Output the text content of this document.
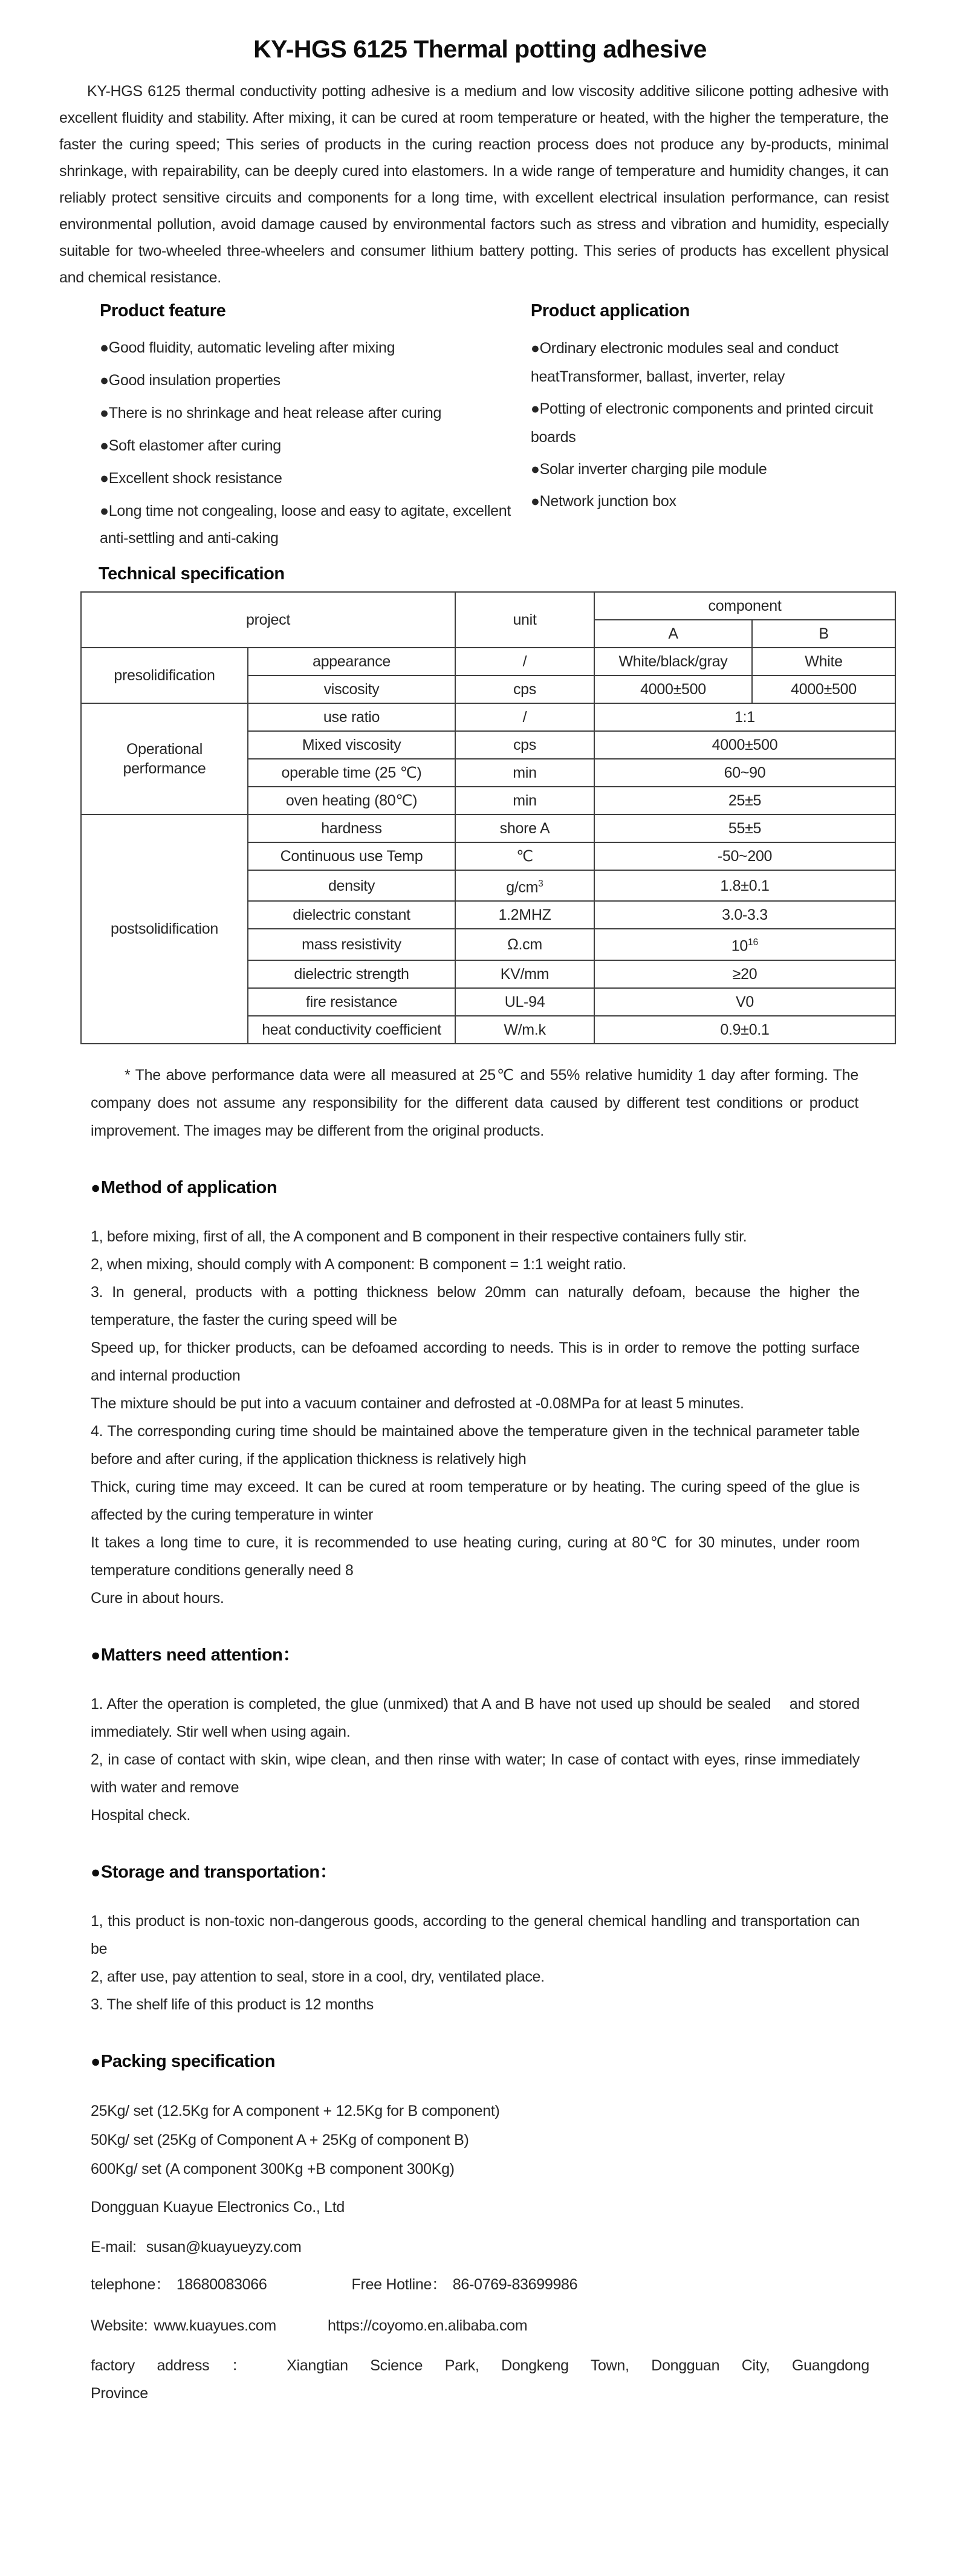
KY-HGS 6125 Thermal potting adhesive

KY-HGS 6125 thermal conductivity potting adhesive is a medium and low viscosity additive silicone potting adhesive with excellent fluidity and stability. After mixing, it can be cured at room temperature or heated, with the higher the temperature, the faster the curing speed; This series of products in the curing reaction process does not produce any by-products, minimal shrinkage, with repairability, can be deeply cured into elastomers. In a wide range of temperature and humidity changes, it can reliably protect sensitive circuits and components for a long time, with excellent electrical insulation performance, can resist environmental pollution, avoid damage caused by environmental factors such as stress and vibration and humidity, especially suitable for two-wheeled three-wheelers and consumer lithium battery potting. This series of products has excellent physical and chemical resistance.

Product feature
●Good fluidity, automatic leveling after mixing
●Good insulation properties
●There is no shrinkage and heat release after curing
●Soft elastomer after curing
●Excellent shock resistance
●Long time not congealing, loose and easy to agitate, excellent anti-settling and anti-caking
Product application
●Ordinary electronic modules seal and conduct heatTransformer, ballast, inverter, relay
●Potting of electronic components and printed circuit boards
●Solar inverter charging pile module
●Network junction box
Technical specification
project		unit	component	
			A	B
presolidification	appearance	/	White/black/gray	White
	viscosity	cps	4000±500	4000±500
Operational performance	use ratio	/	1:1	
	Mixed viscosity	cps	4000±500	
	operable time (25 ℃)	min	60~90	
	oven heating (80℃)	min	25±5	
postsolidification	hardness	shore A	55±5	
	Continuous use Temp	℃	-50~200	
	density	$g/cm^3$	1.8±0.1	
	dielectric constant	1.2MHZ	3.0-3.3	
	mass resistivity	Ω.cm	$10^{16}$
	dielectric strength	KV/mm	≥20	
	fire resistance	UL-94	V0	
	heat conductivity coefficient	W/m.k	0.9±0.1	

* The above performance data were all measured at 25℃ and 55% relative humidity 1 day after forming. The company does not assume any responsibility for the different data caused by different test conditions or product improvement. The images may be different from the original products.

●Method of application

1, before mixing, first of all, the A component and B component in their respective containers fully stir.

2, when mixing, should comply with A component: B component = 1:1 weight ratio.

3. In general, products with a potting thickness below 20mm can naturally defoam, because the higher the temperature, the faster the curing speed will be

Speed up, for thicker products, can be defoamed according to needs. This is in order to remove the potting surface and internal production

The mixture should be put into a vacuum container and defrosted at -0.08MPa for at least 5 minutes.

4. The corresponding curing time should be maintained above the temperature given in the technical parameter table before and after curing, if the application thickness is relatively high

Thick, curing time may exceed. It can be cured at room temperature or by heating. The curing speed of the glue is affected by the curing temperature in winter

It takes a long time to cure, it is recommended to use heating curing, curing at 80℃ for 30 minutes, under room temperature conditions generally need 8

Cure in about hours.

●Matters need attention：

1. After the operation is completed, the glue (unmixed) that A and B have not used up should be sealed    and stored immediately. Stir well when using again.

2, in case of contact with skin, wipe clean, and then rinse with water; In case of contact with eyes, rinse immediately with water and remove

Hospital check.

●Storage and transportation：

1, this product is non-toxic non-dangerous goods, according to the general chemical handling and transportation can be

2, after use, pay attention to seal, store in a cool, dry, ventilated place.

3. The shelf life of this product is 12 months

●Packing specification

25Kg/ set (12.5Kg for A component + 12.5Kg for B component)

50Kg/ set (25Kg of Component A + 25Kg of component B)

600Kg/ set (A component 300Kg +B component 300Kg)

Dongguan Kuayue Electronics Co., Ltd

E-mail: susan@kuayueyzy.com

telephone： 18680083066	Free Hotline： 86-0769-83699986
Website: www.kuayues.com	https://coyomo.en.alibaba.com

factory address ： Xiangtian Science Park, Dongkeng Town, Dongguan City, Guangdong

Province
